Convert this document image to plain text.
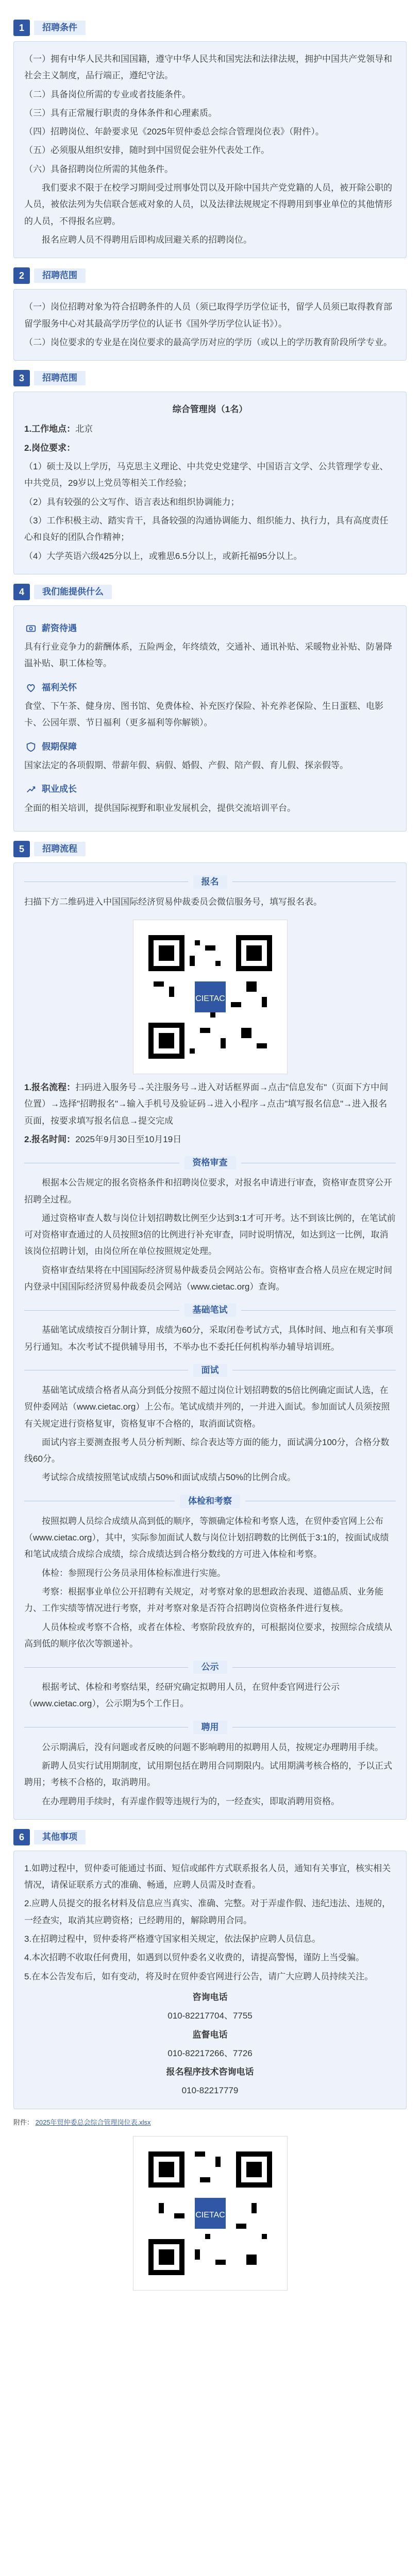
1	招聘条件

（一）拥有中华人民共和国国籍，遵守中华人民共和国宪法和法律法规，拥护中国共产党领导和社会主义制度，品行端正，遵纪守法。

（二）具备岗位所需的专业或者技能条件。

（三）具有正常履行职责的身体条件和心理素质。

（四）招聘岗位、年龄要求见《2025年贸仲委总会综合管理岗位表》（附件）。

（五）必须服从组织安排，随时到中国贸促会驻外代表处工作。

（六）具备招聘岗位所需的其他条件。

我们要求不限于在校学习期间受过刑事处罚以及开除中国共产党党籍的人员，被开除公职的人员，被依法列为失信联合惩戒对象的人员，以及法律法规规定不得聘用到事业单位的其他情形的人员，不得报名应聘。

报名应聘人员不得聘用后即构成回避关系的招聘岗位。

2	招聘范围

（一）岗位招聘对象为符合招聘条件的人员（须已取得学历学位证书，留学人员须已取得教育部留学服务中心对其最高学历学位的认证书《国外学历学位认证书》）。

（二）岗位要求的专业是在岗位要求的最高学历对应的学历（或以上的学历教育阶段所学专业。

3	招聘范围
综合管理岗（1名）

1.工作地点：北京

2.岗位要求：

（1）硕士及以上学历，马克思主义理论、中共党史党建学、中国语言文学、公共管理学专业、中共党员，29岁以上党员等相关工作经验；

（2）具有较强的公文写作、语言表达和组织协调能力；

（3）工作积极主动、踏实肯干，具备较强的沟通协调能力、组织能力、执行力，具有高度责任心和良好的团队合作精神；

（4）大学英语六级425分以上，或雅思6.5分以上，或新托福95分以上。

4	我们能提供什么
薪资待遇

具有行业竞争力的薪酬体系，五险两金，年终绩效，交通补、通讯补贴、采暖物业补贴、防暑降温补贴、职工体检等。

福利关怀

食堂、下午茶、健身房、图书馆、免费体检、补充医疗保险、补充养老保险、生日蛋糕、电影卡、公园年票、节日福利（更多福利等你解锁）。

假期保障

国家法定的各项假期、带薪年假、病假、婚假、产假、陪产假、育儿假、探亲假等。

职业成长

全面的相关培训，提供国际视野和职业发展机会，提供交流培训平台。

5	招聘流程
报名

扫描下方二维码进入中国国际经济贸易仲裁委员会微信服务号，填写报名表。

CIETAC

1.报名流程：扫码进入服务号→关注服务号→进入对话框界面→点击"信息发布"（页面下方中间位置）→选择"招聘报名"→输入手机号及验证码→进入小程序→点击"填写报名信息"→进入报名页面，按要求填写报名信息→提交完成

2.报名时间：2025年9月30日至10月19日

资格审查

根据本公告规定的报名资格条件和招聘岗位要求，对报名申请进行审查，资格审查贯穿公开招聘全过程。

通过资格审查人数与岗位计划招聘数比例至少达到3:1才可开考。达不到该比例的，在笔试前可对资格审查通过的人员按照3倍的比例进行补充审查，同时说明情况，如达到这一比例，取消该岗位招聘计划，由岗位所在单位按照规定处理。

资格审查结果将在中国国际经济贸易仲裁委员会网站公布。资格审查合格人员应在规定时间内登录中国国际经济贸易仲裁委员会网站（www.cietac.org）查询。

基础笔试

基础笔试成绩按百分制计算，成绩为60分，采取闭卷考试方式，具体时间、地点和有关事项另行通知。本次考试不提供辅导用书，不举办也不委托任何机构举办辅导培训班。

面试

基础笔试成绩合格者从高分到低分按照不超过岗位计划招聘数的5倍比例确定面试人选，在贸仲委网站（www.cietac.org）上公布。笔试成绩并列的，一并进入面试。参加面试人员须按照有关规定进行资格复审，资格复审不合格的，取消面试资格。

面试内容主要测查报考人员分析判断、综合表达等方面的能力，面试满分100分，合格分数线60分。

考试综合成绩按照笔试成绩占50%和面试成绩占50%的比例合成。

体检和考察

按照拟聘人员综合成绩从高到低的顺序，等额确定体检和考察人选，在贸仲委官网上公布（www.cietac.org），其中，实际参加面试人数与岗位计划招聘数的比例低于3:1的，按面试成绩和笔试成绩合成综合成绩，综合成绩达到合格分数线的方可进入体检和考察。

体检：参照现行公务员录用体检标准进行实施。

考察：根据事业单位公开招聘有关规定，对考察对象的思想政治表现、道德品质、业务能力、工作实绩等情况进行考察，并对考察对象是否符合招聘岗位资格条件进行复核。

人员体检或考察不合格，或者在体检、考察阶段放弃的，可根据岗位要求，按照综合成绩从高到低的顺序依次等额递补。

公示

根据考试、体检和考察结果，经研究确定拟聘用人员，在贸仲委官网进行公示（www.cietac.org），公示期为5个工作日。

聘用

公示期满后，没有问题或者反映的问题不影响聘用的拟聘用人员，按规定办理聘用手续。

新聘人员实行试用期制度，试用期包括在聘用合同期限内。试用期满考核合格的，予以正式聘用；考核不合格的，取消聘用。

在办理聘用手续时，有弄虚作假等违规行为的，一经查实，即取消聘用资格。

6	其他事项

1.如聘过程中，贸仲委可能通过书面、短信或邮件方式联系报名人员，通知有关事宜，核实相关情况，请保证联系方式的准确、畅通，应聘人员需及时查看。

2.应聘人员提交的报名材料及信息应当真实、准确、完整。对于弄虚作假、违纪违法、违规的，一经查实，取消其应聘资格；已经聘用的，解除聘用合同。

3.在招聘过程中，贸仲委将严格遵守国家相关规定，依法保护应聘人员信息。

4.本次招聘不收取任何费用，如遇到以贸仲委名义收费的，请提高警惕，谨防上当受骗。

5.在本公告发布后，如有变动，将及时在贸仲委官网进行公告，请广大应聘人员持续关注。

咨询电话

010-82217704、7755

监督电话

010-82217266、7726

报名程序技术咨询电话

010-82217779

附件： 2025年贸仲委总会综合管理岗位表.xlsx
CIETAC
